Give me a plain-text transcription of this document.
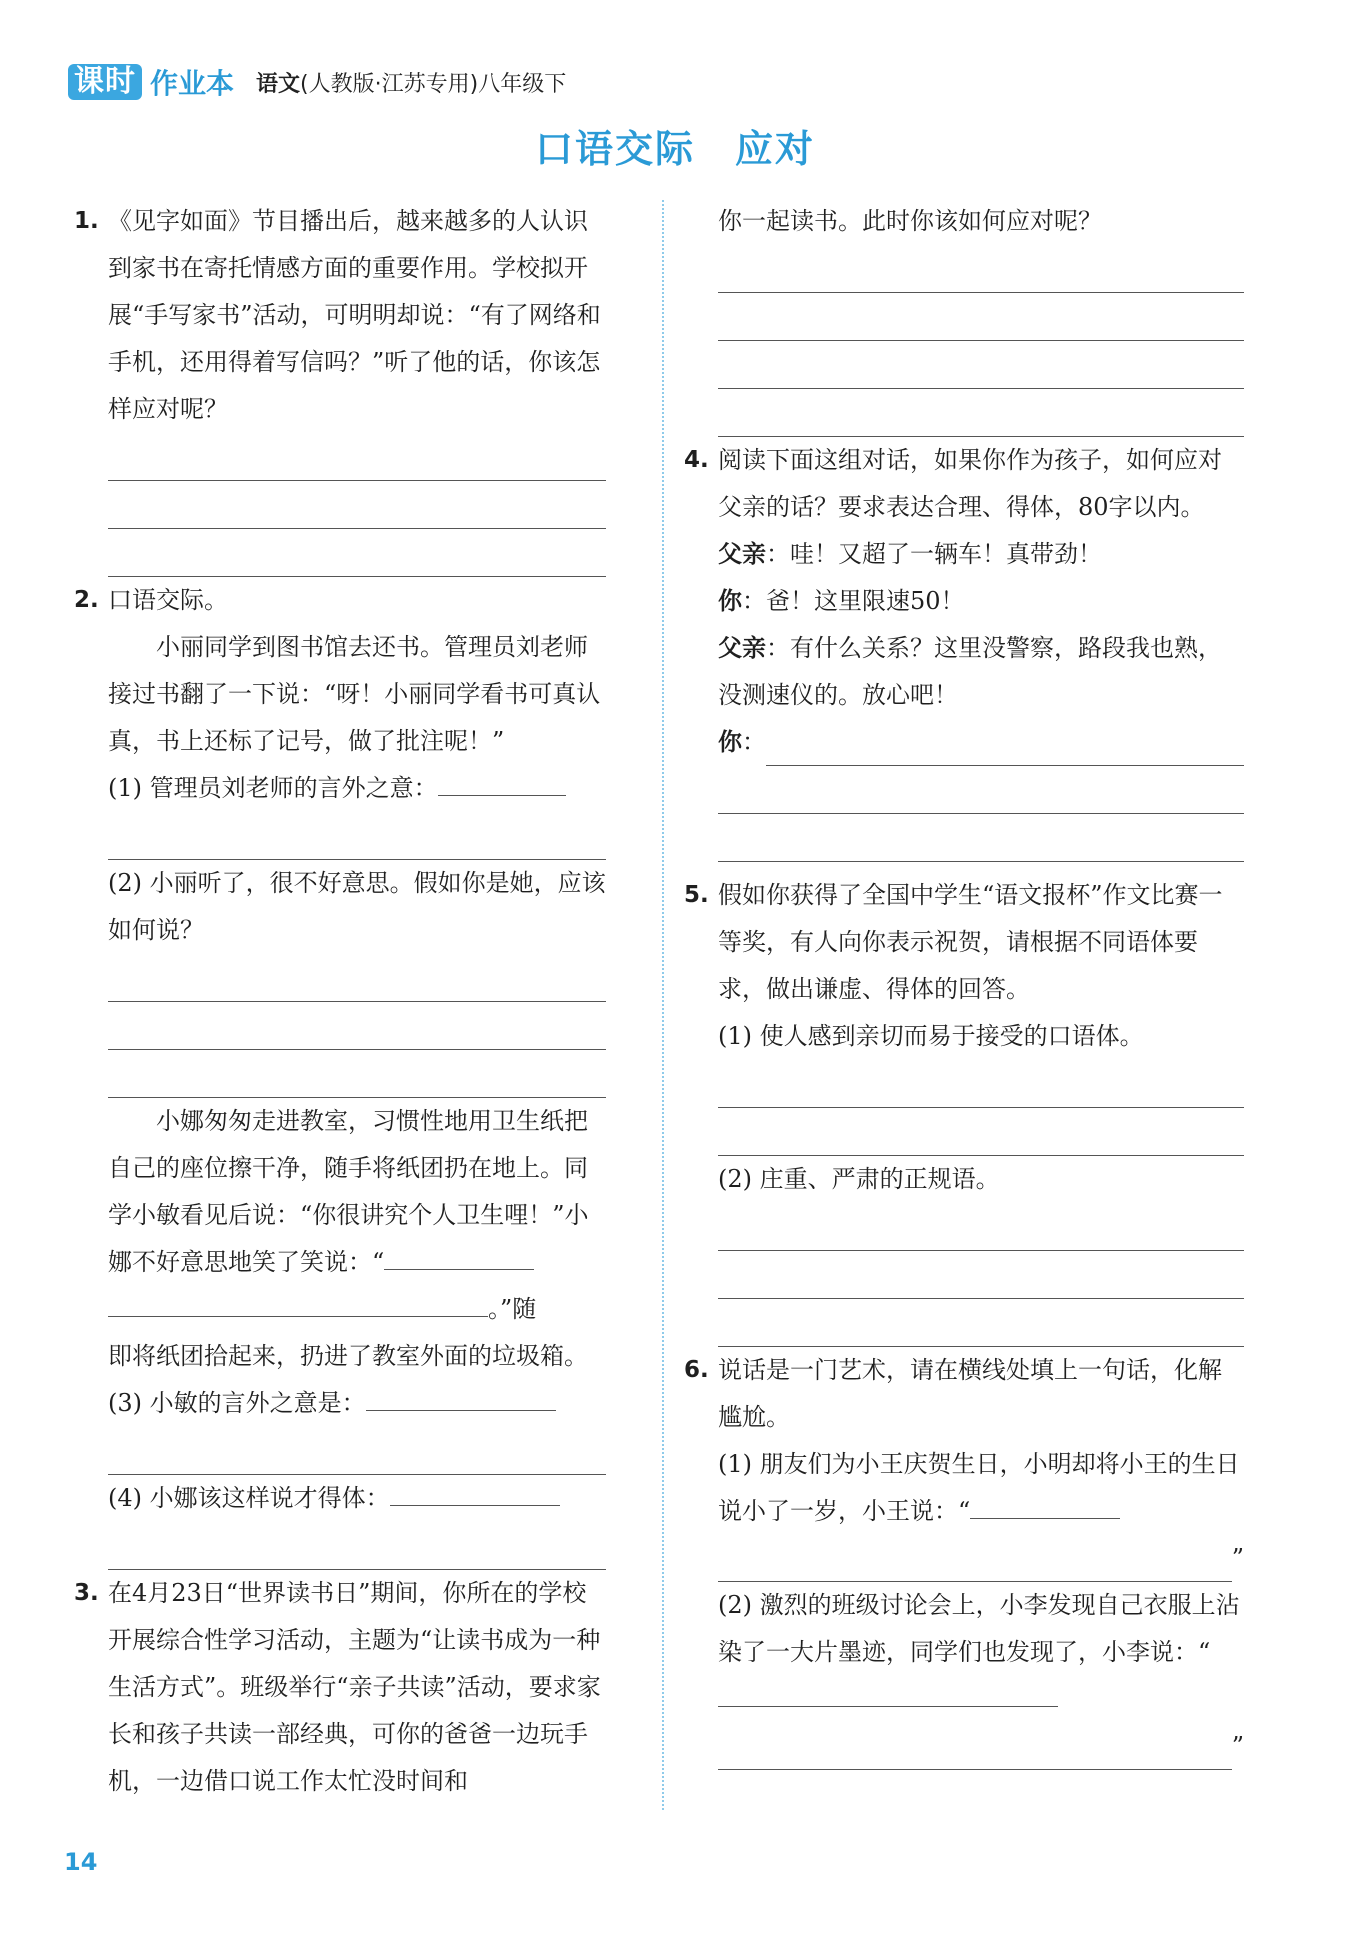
课时 作业本 语文(人教版·江苏专用)八年级下
口语交际　应对
1. 《见字如面》节目播出后，越来越多的人认识到家书在寄托情感方面的重要作用。学校拟开展“手写家书”活动，可明明却说：“有了网络和手机，还用得着写信吗？”听了他的话，你该怎样应对呢？

2. 口语交际。

小丽同学到图书馆去还书。管理员刘老师接过书翻了一下说：“呀！小丽同学看书可真认真，书上还标了记号，做了批注呢！”

(1) 管理员刘老师的言外之意：

(2) 小丽听了，很不好意思。假如你是她，应该如何说？

小娜匆匆走进教室，习惯性地用卫生纸把自己的座位擦干净，随手将纸团扔在地上。同学小敏看见后说：“你很讲究个人卫生哩！”小娜不好意思地笑了笑说：“

。”随

即将纸团拾起来，扔进了教室外面的垃圾箱。

(3) 小敏的言外之意是：

(4) 小娜该这样说才得体：

3. 在4月23日“世界读书日”期间，你所在的学校开展综合性学习活动，主题为“让读书成为一种生活方式”。班级举行“亲子共读”活动，要求家长和孩子共读一部经典，可你的爸爸一边玩手机，一边借口说工作太忙没时间和

你一起读书。此时你该如何应对呢？

4. 阅读下面这组对话，如果你作为孩子，如何应对父亲的话？要求表达合理、得体，80字以内。

父亲：哇！又超了一辆车！真带劲！

你：爸！这里限速50！

父亲：有什么关系？这里没警察，路段我也熟，没测速仪的。放心吧！

你 ：
5. 假如你获得了全国中学生“语文报杯”作文比赛一等奖，有人向你表示祝贺，请根据不同语体要求，做出谦虚、得体的回答。

(1) 使人感到亲切而易于接受的口语体。

(2) 庄重、严肃的正规语。

6. 说话是一门艺术，请在横线处填上一句话，化解尴尬。

(1) 朋友们为小王庆贺生日，小明却将小王的生日说小了一岁，小王说：“

”

(2) 激烈的班级讨论会上，小李发现自己衣服上沾染了一大片墨迹，同学们也发现了，小李说：“

”
14
